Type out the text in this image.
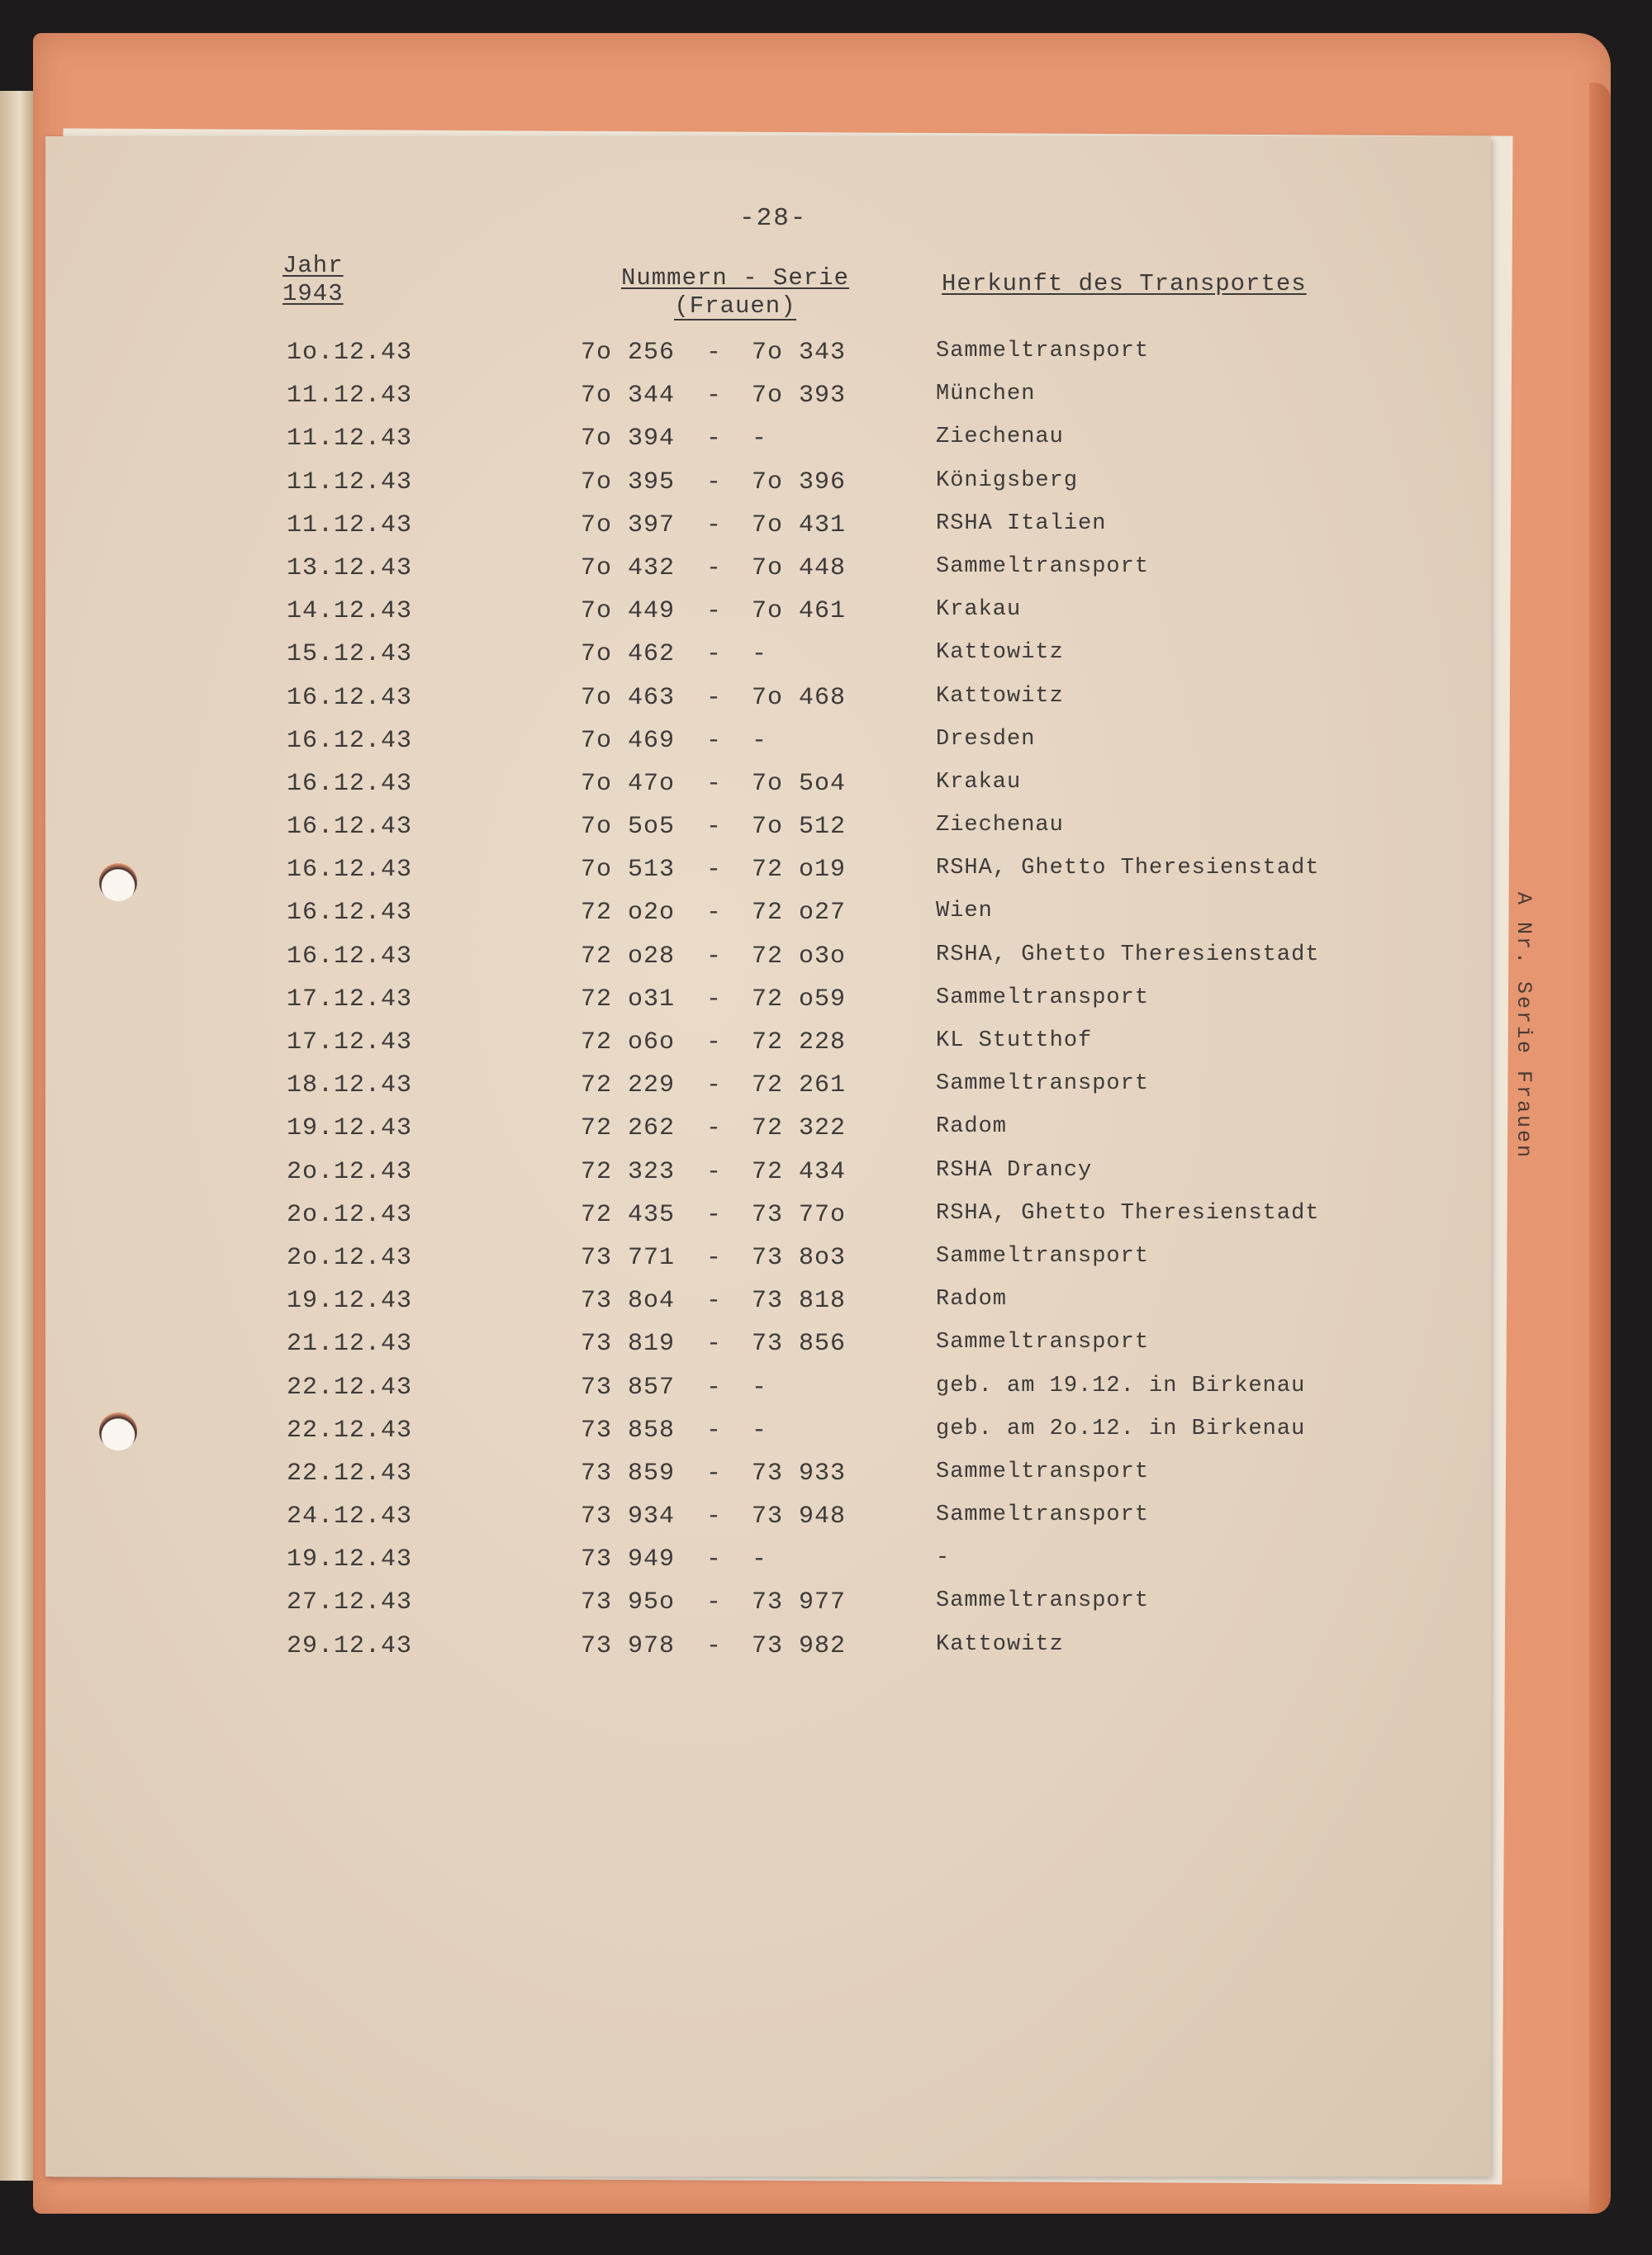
A Nr. Serie Frauen
-28-
Jahr
1943
Nummern - Serie
(Frauen)
Herkunft des Transportes
1o.12.43	7o 256 - 7o 343	Sammeltransport
11.12.43	7o 344 - 7o 393	München
11.12.43	7o 394 - -	Ziechenau
11.12.43	7o 395 - 7o 396	Königsberg
11.12.43	7o 397 - 7o 431	RSHA Italien
13.12.43	7o 432 - 7o 448	Sammeltransport
14.12.43	7o 449 - 7o 461	Krakau
15.12.43	7o 462 - -	Kattowitz
16.12.43	7o 463 - 7o 468	Kattowitz
16.12.43	7o 469 - -	Dresden
16.12.43	7o 47o - 7o 5o4	Krakau
16.12.43	7o 5o5 - 7o 512	Ziechenau
16.12.43	7o 513 - 72 o19	RSHA, Ghetto Theresienstadt
16.12.43	72 o2o - 72 o27	Wien
16.12.43	72 o28 - 72 o3o	RSHA, Ghetto Theresienstadt
17.12.43	72 o31 - 72 o59	Sammeltransport
17.12.43	72 o6o - 72 228	KL Stutthof
18.12.43	72 229 - 72 261	Sammeltransport
19.12.43	72 262 - 72 322	Radom
2o.12.43	72 323 - 72 434	RSHA Drancy
2o.12.43	72 435 - 73 77o	RSHA, Ghetto Theresienstadt
2o.12.43	73 771 - 73 8o3	Sammeltransport
19.12.43	73 8o4 - 73 818	Radom
21.12.43	73 819 - 73 856	Sammeltransport
22.12.43	73 857 - -	geb. am 19.12. in Birkenau
22.12.43	73 858 - -	geb. am 2o.12. in Birkenau
22.12.43	73 859 - 73 933	Sammeltransport
24.12.43	73 934 - 73 948	Sammeltransport
19.12.43	73 949 - -	-
27.12.43	73 95o - 73 977	Sammeltransport
29.12.43	73 978 - 73 982	Kattowitz
